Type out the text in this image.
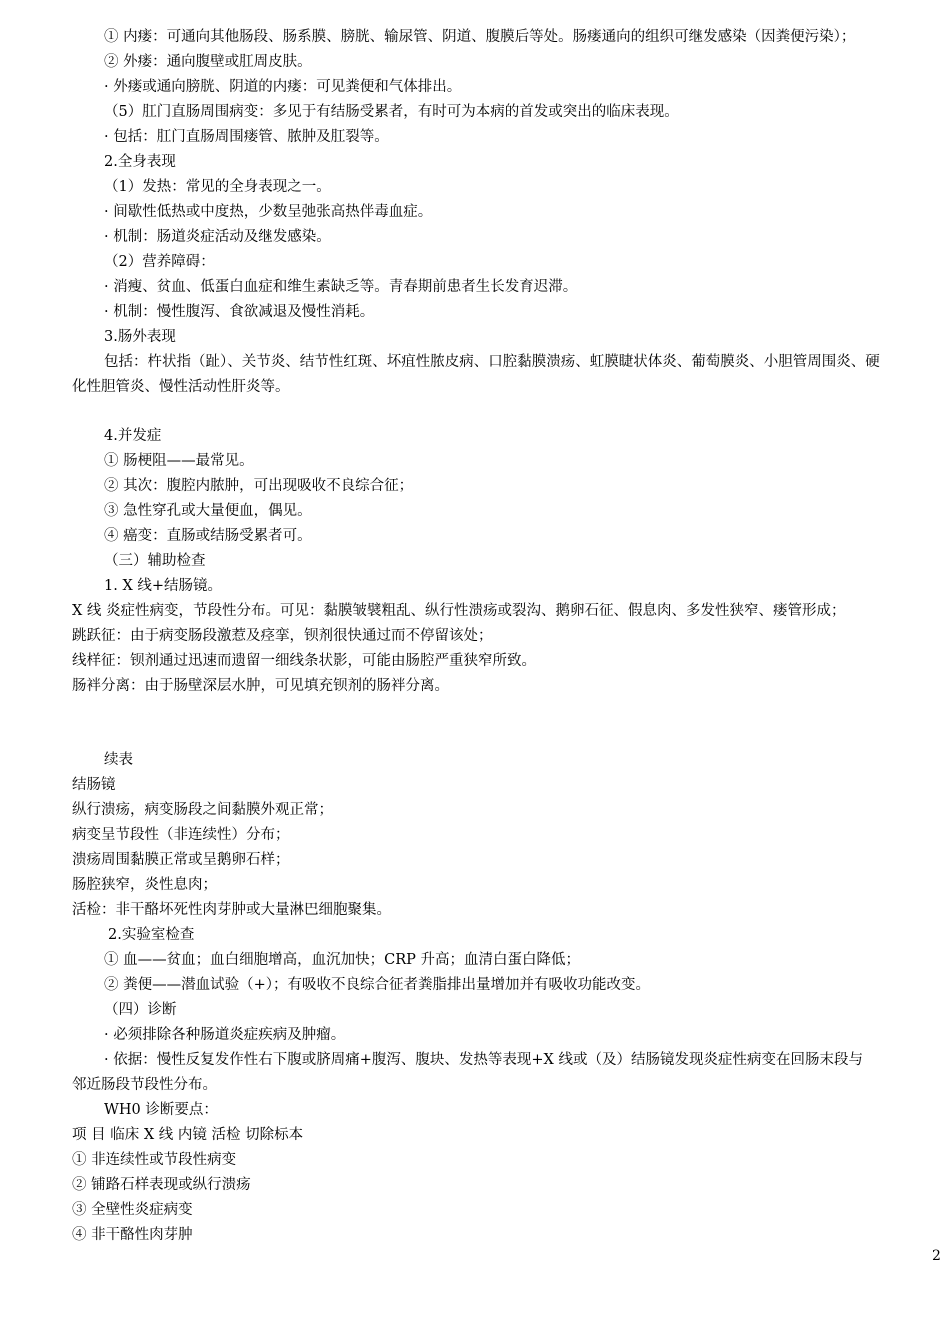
① 内瘘：可通向其他肠段、肠系膜、膀胱、输尿管、阴道、腹膜后等处。肠瘘通向的组织可继发感染（因粪便污染）；
② 外瘘：通向腹壁或肛周皮肤。
· 外瘘或通向膀胱、阴道的内瘘：可见粪便和气体排出。
（5）肛门直肠周围病变：多见于有结肠受累者，有时可为本病的首发或突出的临床表现。
· 包括：肛门直肠周围瘘管、脓肿及肛裂等。
2.全身表现
（1）发热：常见的全身表现之一。
· 间歇性低热或中度热，少数呈弛张高热伴毒血症。
· 机制：肠道炎症活动及继发感染。
（2）营养障碍：
· 消瘦、贫血、低蛋白血症和维生素缺乏等。青春期前患者生长发育迟滞。
· 机制：慢性腹泻、食欲减退及慢性消耗。
3.肠外表现
包括：杵状指（趾）、关节炎、结节性红斑、坏疽性脓皮病、口腔黏膜溃疡、虹膜睫状体炎、葡萄膜炎、小胆管周围炎、硬
化性胆管炎、慢性活动性肝炎等。
4.并发症
① 肠梗阻——最常见。
② 其次：腹腔内脓肿，可出现吸收不良综合征；
③ 急性穿孔或大量便血，偶见。
④ 癌变：直肠或结肠受累者可。
（三）辅助检查
1. X 线+结肠镜。
X 线 炎症性病变，节段性分布。可见：黏膜皱襞粗乱、纵行性溃疡或裂沟、鹅卵石征、假息肉、多发性狭窄、瘘管形成；
跳跃征：由于病变肠段激惹及痉挛，钡剂很快通过而不停留该处；
线样征：钡剂通过迅速而遗留一细线条状影，可能由肠腔严重狭窄所致。
肠袢分离：由于肠壁深层水肿，可见填充钡剂的肠袢分离。
续表
结肠镜
纵行溃疡，病变肠段之间黏膜外观正常；
病变呈节段性（非连续性）分布；
溃疡周围黏膜正常或呈鹅卵石样；
肠腔狭窄，炎性息肉；
活检：非干酪坏死性肉芽肿或大量淋巴细胞聚集。
2.实验室检查
① 血——贫血；血白细胞增高，血沉加快；CRP 升高；血清白蛋白降低；
② 粪便——潜血试验（+）；有吸收不良综合征者粪脂排出量增加并有吸收功能改变。
（四）诊断
· 必须排除各种肠道炎症疾病及肿瘤。
· 依据：慢性反复发作性右下腹或脐周痛+腹泻、腹块、发热等表现+X 线或（及）结肠镜发现炎症性病变在回肠末段与
邻近肠段节段性分布。
WH0 诊断要点：
项 目 临床 X 线 内镜 活检 切除标本
① 非连续性或节段性病变
② 铺路石样表现或纵行溃疡
③ 全壁性炎症病变
④ 非干酪性肉芽肿
2
